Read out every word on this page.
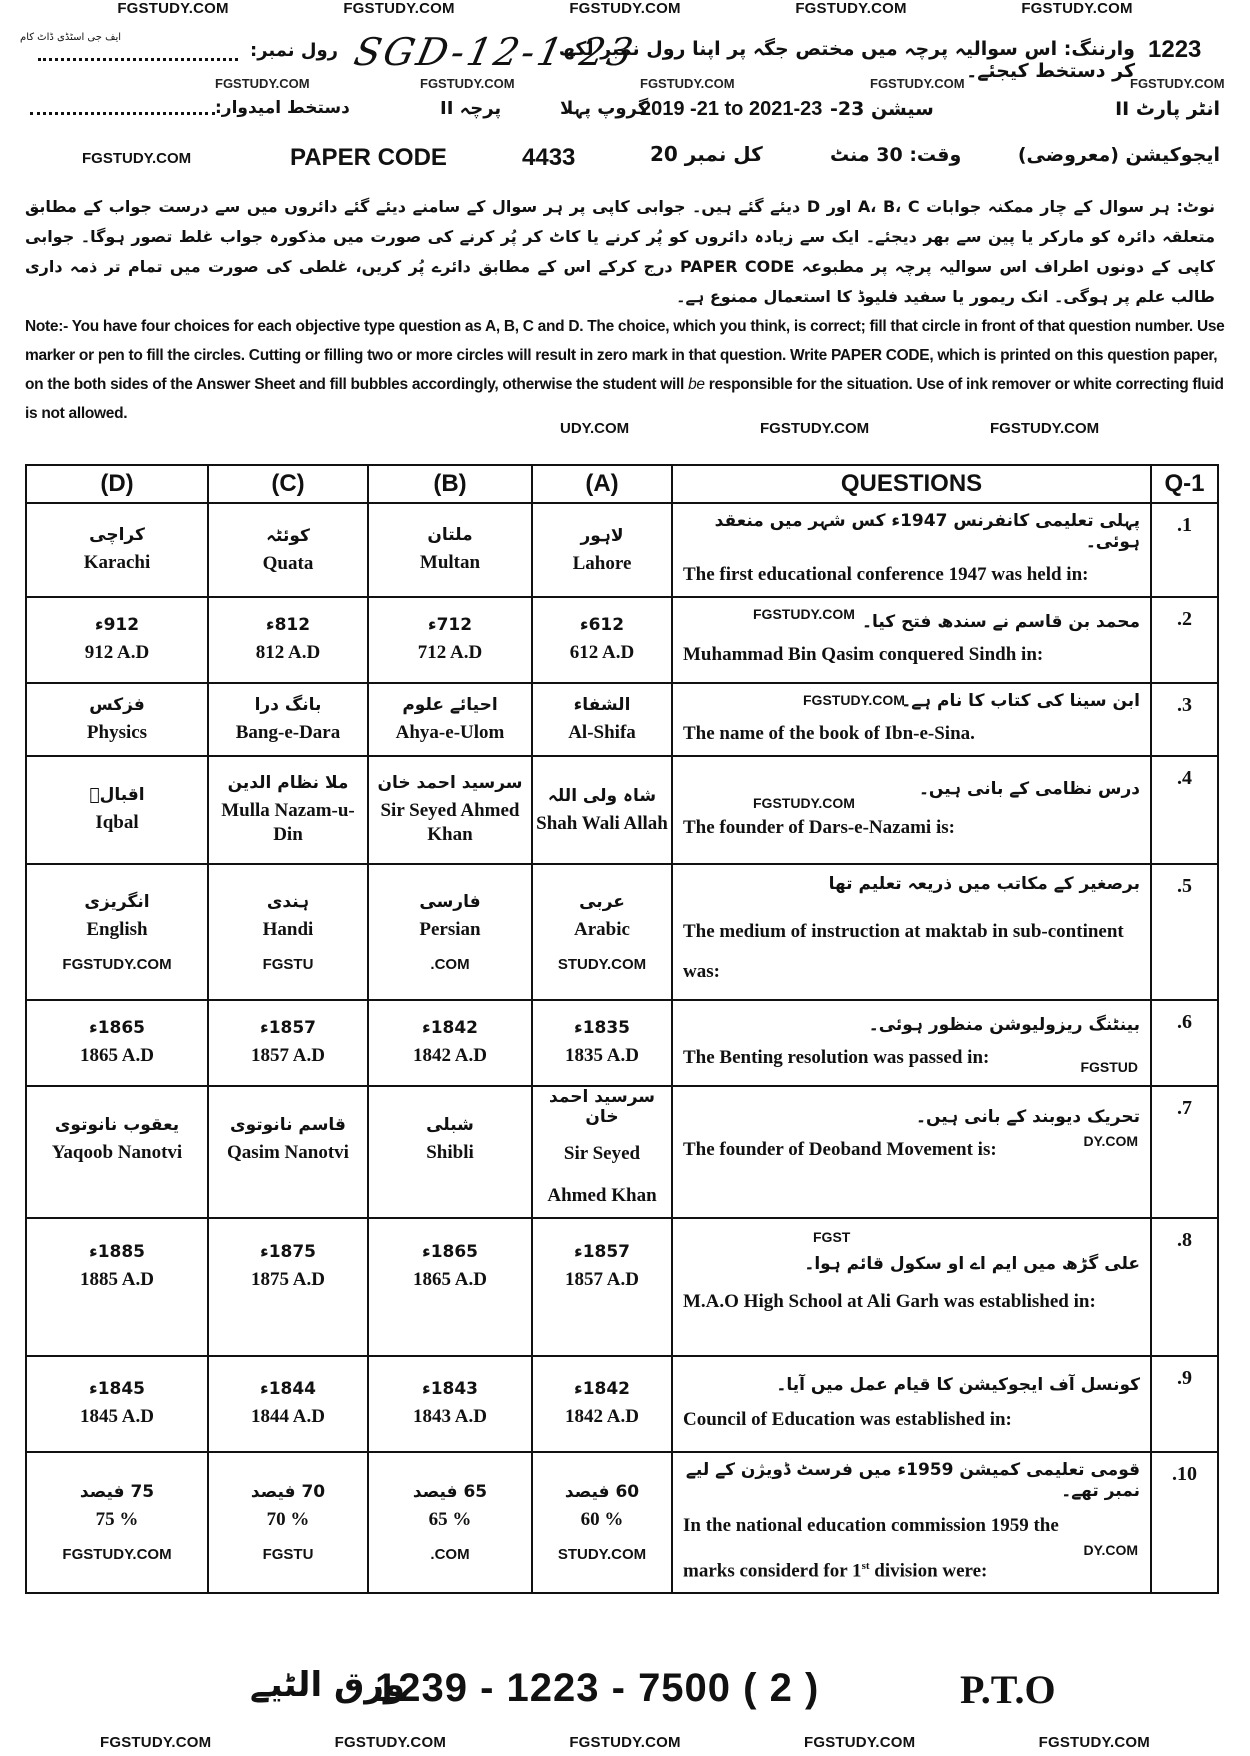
FGSTUDY.COM	FGSTUDY.COM	FGSTUDY.COM	FGSTUDY.COM	FGSTUDY.COM
ایف جی اسٹڈی ڈاٹ کام
رول نمبر: SGD-12-1-23
وارننگ: اس سوالیہ پرچہ میں مختص جگہ پر اپنا رول نمبر لکھ کر دستخط کیجئے۔
1223
FGSTUDY.COM	FGSTUDY.COM	FGSTUDY.COM	FGSTUDY.COM	FGSTUDY.COM
دستخط امیدوار:	پرچہ II	گروپ پہلا
2019 -21 to 2021-23 سیشن 23-	انٹر پارٹ II
FGSTUDY.COM	PAPER CODE	4433	کل نمبر 20	وقت: 30 منٹ	ایجوکیشن (معروضی)
نوٹ: ہر سوال کے چار ممکنہ جوابات A، B، C اور D دیئے گئے ہیں۔ جوابی کاپی پر ہر سوال کے سامنے دیئے گئے دائروں میں سے درست جواب کے مطابق متعلقہ دائرہ کو مارکر یا پین سے بھر دیجئے۔ ایک سے زیادہ دائروں کو پُر کرنے یا کاٹ کر پُر کرنے کی صورت میں مذکورہ جواب غلط تصور ہوگا۔ جوابی کاپی کے دونوں اطراف اس سوالیہ پرچہ پر مطبوعہ PAPER CODE درج کرکے اس کے مطابق دائرے پُر کریں، غلطی کی صورت میں تمام تر ذمہ داری طالب علم پر ہوگی۔ انک ریمور یا سفید فلیوڈ کا استعمال ممنوع ہے۔
Note:- You have four choices for each objective type question as A, B, C and D. The choice, which you think, is correct; fill that circle in front of that question number. Use marker or pen to fill the circles. Cutting or filling two or more circles will result in zero mark in that question. Write PAPER CODE, which is printed on this question paper, on the both sides of the Answer Sheet and fill bubbles accordingly, otherwise the student will be responsible for the situation. Use of ink remover or white correcting fluid is not allowed.
UDY.COM	FGSTUDY.COM	FGSTUDY.COM
(D)	(C)	(B)	(A)	QUESTIONS	Q-1

کراچی
Karachi	کوئٹہ
Quata	ملتان
Multan	لاہور
Lahore	پہلی تعلیمی کانفرنس 1947ء کس شہر میں منعقد ہوئی۔
The first educational conference 1947 was held in:	.1

912ء
912 A.D	812ء
812 A.D	712ء
712 A.D	612ء
612 A.D	FGSTUDY.COM محمد بن قاسم نے سندھ فتح کیا۔
Muhammad Bin Qasim conquered Sindh in:	.2

فزکس
Physics	بانگ درا
Bang-e-Dara	احیائے علوم
Ahya-e-Ulom	الشفاء
Al-Shifa	FGSTUDY.COM
ابن سینا کی کتاب کا نام ہے۔
The name of the book of Ibn-e-Sina.	.3

اقبالؒ
Iqbal	ملا نظام الدین
Mulla Nazam-u-Din	سرسید احمد خان
Sir Seyed Ahmed Khan	شاہ ولی اللہ
Shah Wali Allah	درس نظامی کے بانی ہیں۔
FGSTUDY.COM
The founder of Dars-e-Nazami is:	.4

انگریزی
English
FGSTUDY.COM	ہندی
Handi
FGSTU	فارسی
Persian
.COM	عربی
Arabic
STUDY.COM	برصغیر کے مکاتب میں ذریعہ تعلیم تھا
The medium of instruction at maktab in sub-continent was:	.5

1865ء
1865 A.D	1857ء
1857 A.D	1842ء
1842 A.D	1835ء
1835 A.D	بینٹنگ ریزولیوشن منظور ہوئی۔
The Benting resolution was passed in: FGSTUD	.6

یعقوب نانوتوی
Yaqoob Nanotvi	قاسم نانوتوی
Qasim Nanotvi	شبلی
Shibli	سرسید احمد خان
Sir Seyed Ahmed Khan	تحریک دیوبند کے بانی ہیں۔
The founder of Deoband Movement is: DY.COM	.7

1885ء
1885 A.D	1875ء
1875 A.D	1865ء
1865 A.D	1857ء
1857 A.D	FGST
علی گڑھ میں ایم اے او سکول قائم ہوا۔
M.A.O High School at Ali Garh was established in:	.8

1845ء
1845 A.D	1844ء
1844 A.D	1843ء
1843 A.D	1842ء
1842 A.D	کونسل آف ایجوکیشن کا قیام عمل میں آیا۔
Council of Education was established in:	.9

75 فیصد
75 %
FGSTUDY.COM	70 فیصد
70 %
FGSTU	65 فیصد
65 %
.COM	60 فیصد
60 %
STUDY.COM	قومی تعلیمی کمیشن 1959ء میں فرسٹ ڈویژن کے لیے نمبر تھے۔
In the national education commission 1959 the
DY.COM
marks considerd for 1st division were:	.10
ورق الٹیے
1239 - 1223 - 7500 ( 2 )	P.T.O
FGSTUDY.COM	FGSTUDY.COM	FGSTUDY.COM	FGSTUDY.COM	FGSTUDY.COM
